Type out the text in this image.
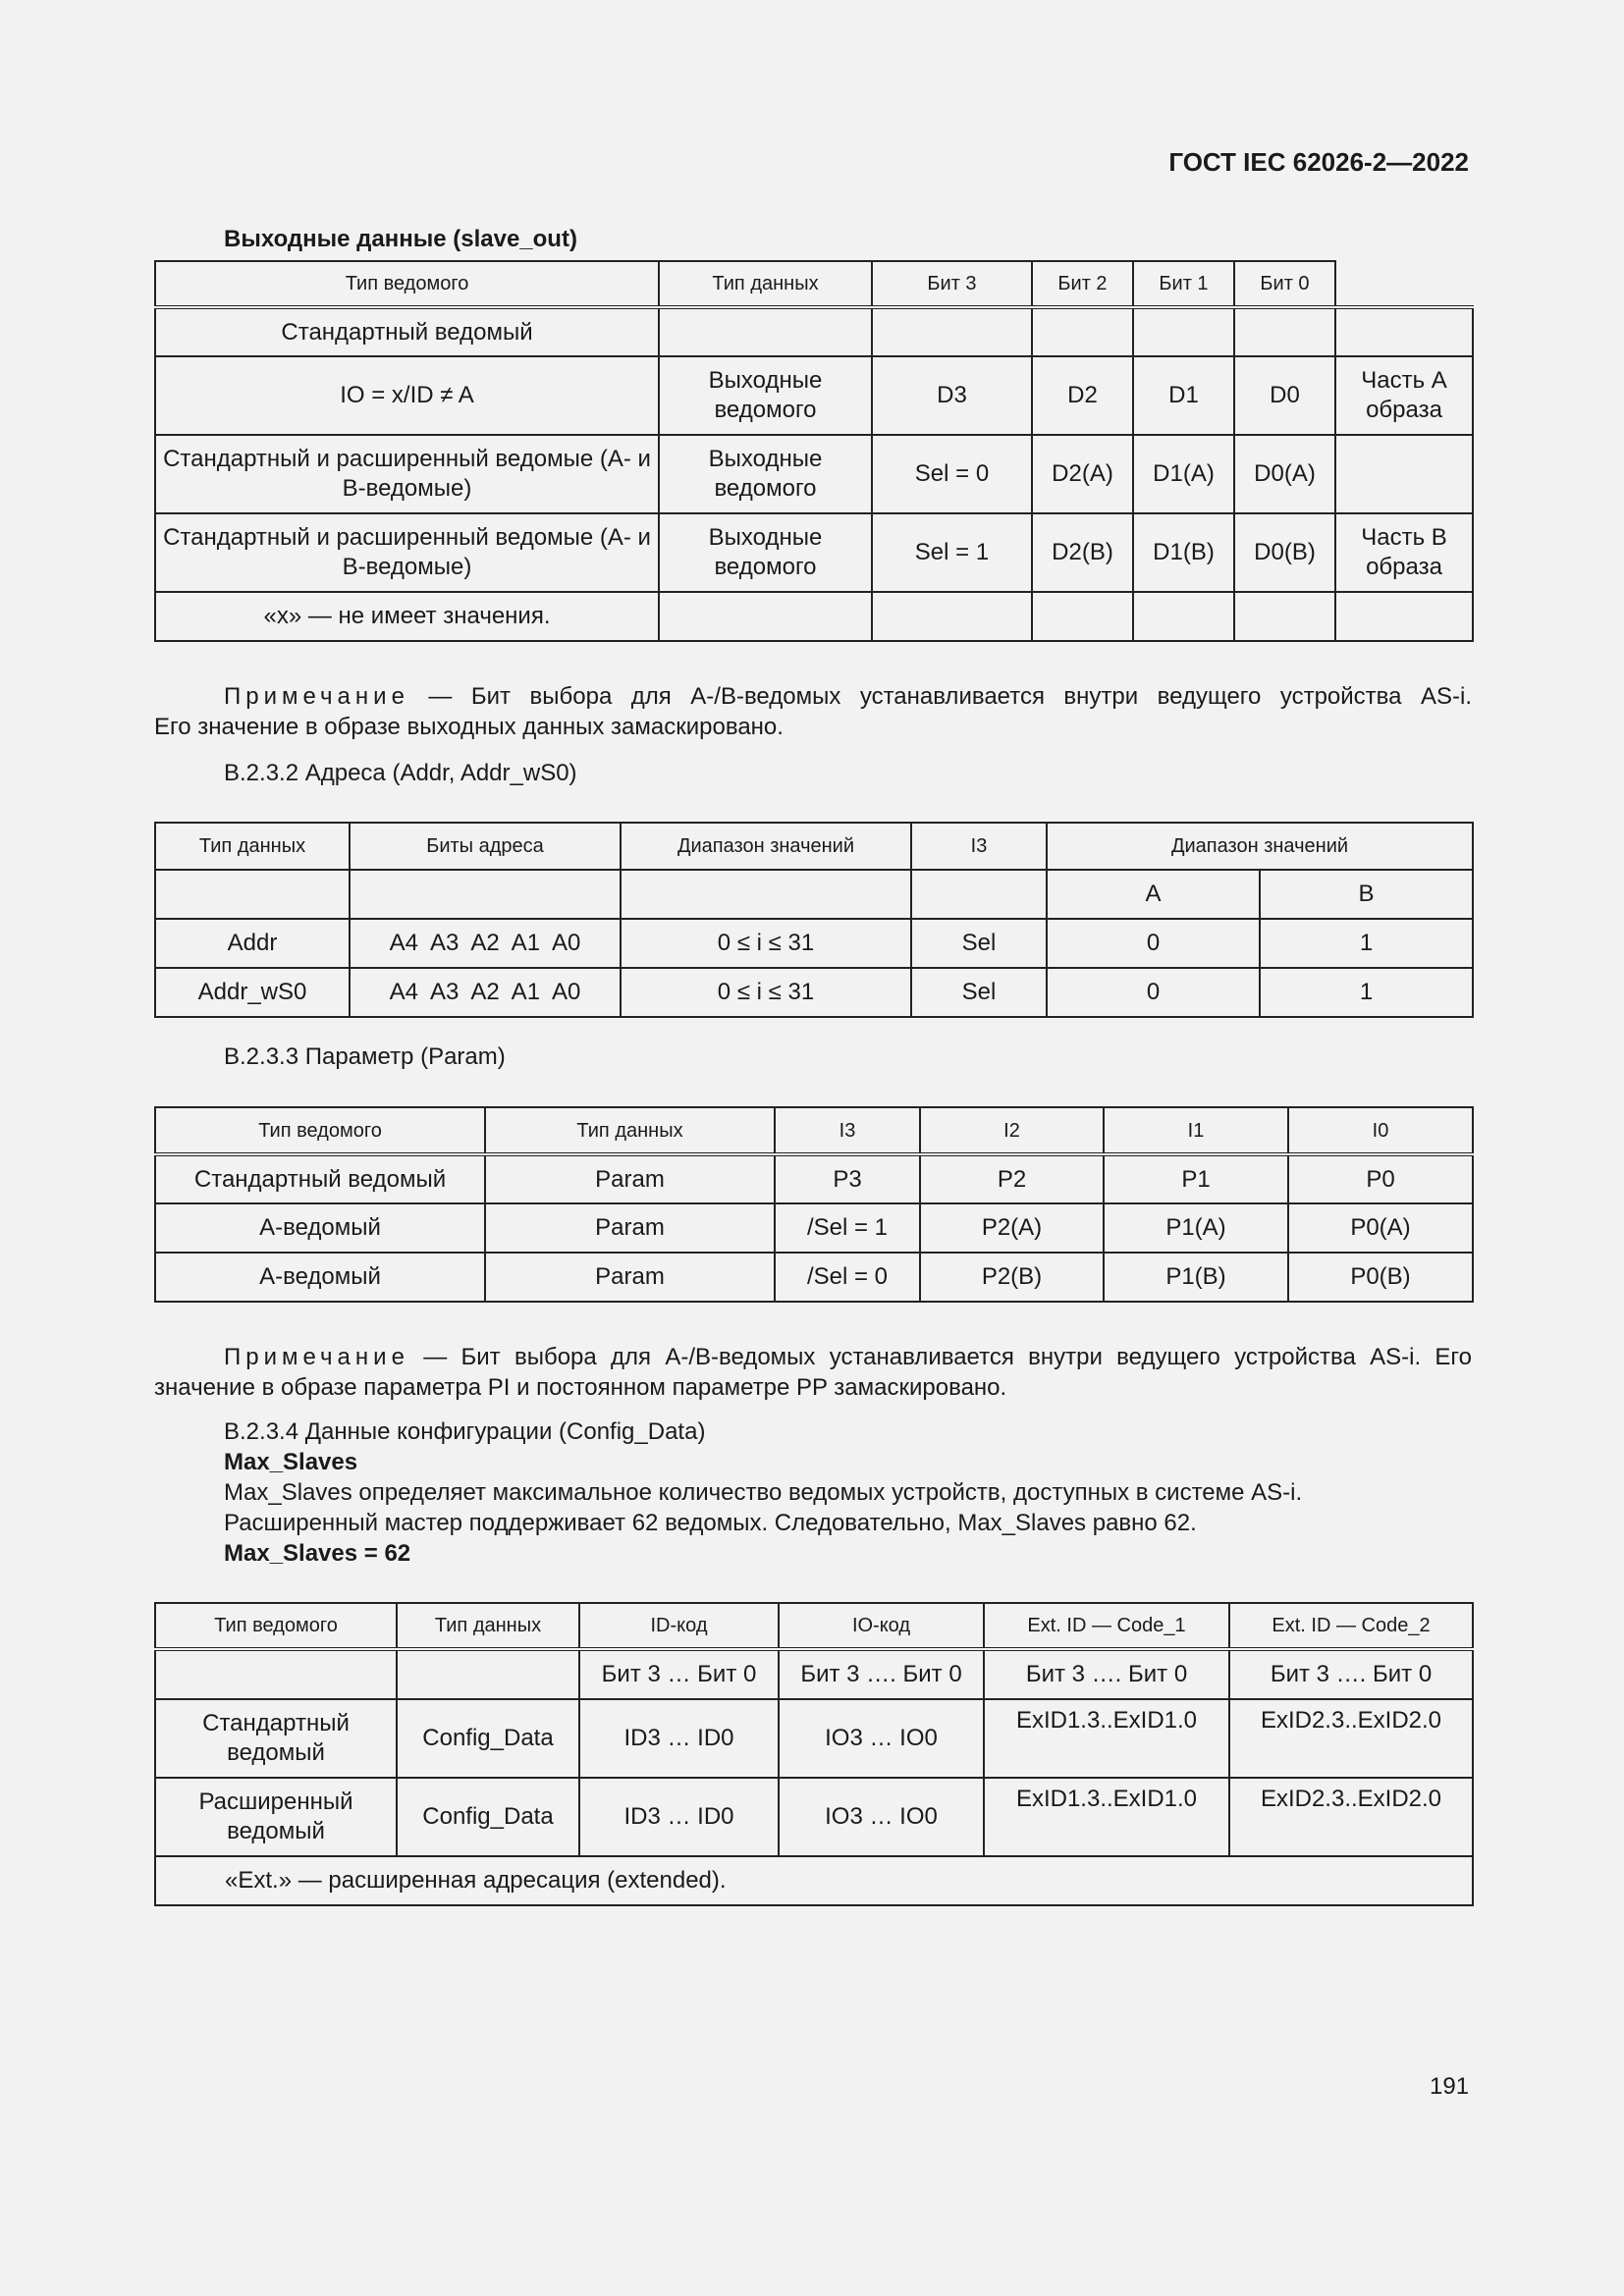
ГОСТ IEC 62026-2—2022
Выходные данные (slave_out)
Тип ведомого	Тип данных	Бит 3	Бит 2	Бит 1	Бит 0	
Стандартный ведомый						
IO = x/ID ≠ A	Выходные ведомого	D3	D2	D1	D0	Часть А образа
Стандартный и расширенный ведомые (А- и В-ведомые)	Выходные ведомого	Sel = 0	D2(A)	D1(A)	D0(A)	
Стандартный и расширенный ведомые (А- и В-ведомые)	Выходные ведомого	Sel = 1	D2(B)	D1(B)	D0(B)	Часть В образа
«x» — не имеет значения.						
Примечание — Бит выбора для А-/В-ведомых устанавливается внутри ведущего устройства AS-i.
Его значение в образе выходных данных замаскировано.
B.2.3.2 Адреса (Addr, Addr_wS0)
Тип данных	Биты адреса	Диапазон значений	I3	Диапазон значений	
				A	B
Addr	A4  A3  A2  A1  A0	0 ≤ i ≤ 31	Sel	0	1
Addr_wS0	A4  A3  A2  A1  A0	0 ≤ i ≤ 31	Sel	0	1
B.2.3.3 Параметр (Param)
Тип ведомого	Тип данных	I3	I2	I1	I0
Стандартный ведомый	Param	P3	P2	P1	P0
А-ведомый	Param	/Sel = 1	P2(A)	P1(A)	P0(A)
А-ведомый	Param	/Sel = 0	P2(B)	P1(B)	P0(B)
Примечание — Бит выбора для А-/В-ведомых устанавливается внутри ведущего устройства AS-i. Его
значение в образе параметра PI и постоянном параметре PP замаскировано.
B.2.3.4 Данные конфигурации (Config_Data)
Max_Slaves
Max_Slaves определяет максимальное количество ведомых устройств, доступных в системе AS-i.
Расширенный мастер поддерживает 62 ведомых. Следовательно, Max_Slaves равно 62.
Max_Slaves = 62
Тип ведомого	Тип данных	ID-код	IO-код	Ext. ID — Code_1	Ext. ID — Code_2
		Бит 3 … Бит 0	Бит 3 …. Бит 0	Бит 3 …. Бит 0	Бит 3 …. Бит 0
Стандартный ведомый	Config_Data	ID3 … ID0	IO3 … IO0	ExID1.3..ExID1.0	ExID2.3..ExID2.0
Расширенный ведомый	Config_Data	ID3 … ID0	IO3 … IO0	ExID1.3..ExID1.0	ExID2.3..ExID2.0
«Ext.» — расширенная адресация (extended).					
191
